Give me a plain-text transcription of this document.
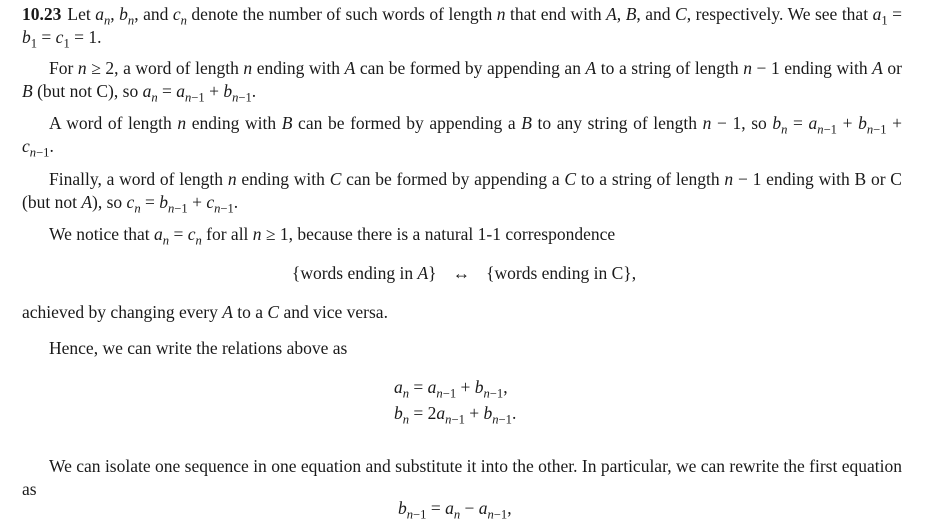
10.23 Let $a_n$, $b_n$, and $c_n$ denote the number of such words of length n that end with A, B, and C, respectively. We see that $a_1 = b_1 = c_1 = 1$.

For n ≥ 2, a word of length n ending with A can be formed by appending an A to a string of length n − 1 ending with A or B (but not C), so $a_n = a_{n-1} + b_{n-1}$.

A word of length n ending with B can be formed by appending a B to any string of length n − 1, so $b_n = a_{n-1} + b_{n-1} + c_{n-1}$.

Finally, a word of length n ending with C can be formed by appending a C to a string of length n − 1 ending with B or C (but not A), so $c_n = b_{n-1} + c_{n-1}$.

We notice that $a_n = c_n$ for all n ≥ 1, because there is a natural 1-1 correspondence

{words ending in A} ↔ {words ending in C},

achieved by changing every A to a C and vice versa.

Hence, we can write the relations above as

$a_n = a_{n-1} + b_{n-1}$,

$b_n = 2a_{n-1} + b_{n-1}$.

We can isolate one sequence in one equation and substitute it into the other. In particular, we can rewrite the first equation as

$b_{n-1} = a_n - a_{n-1}$,
